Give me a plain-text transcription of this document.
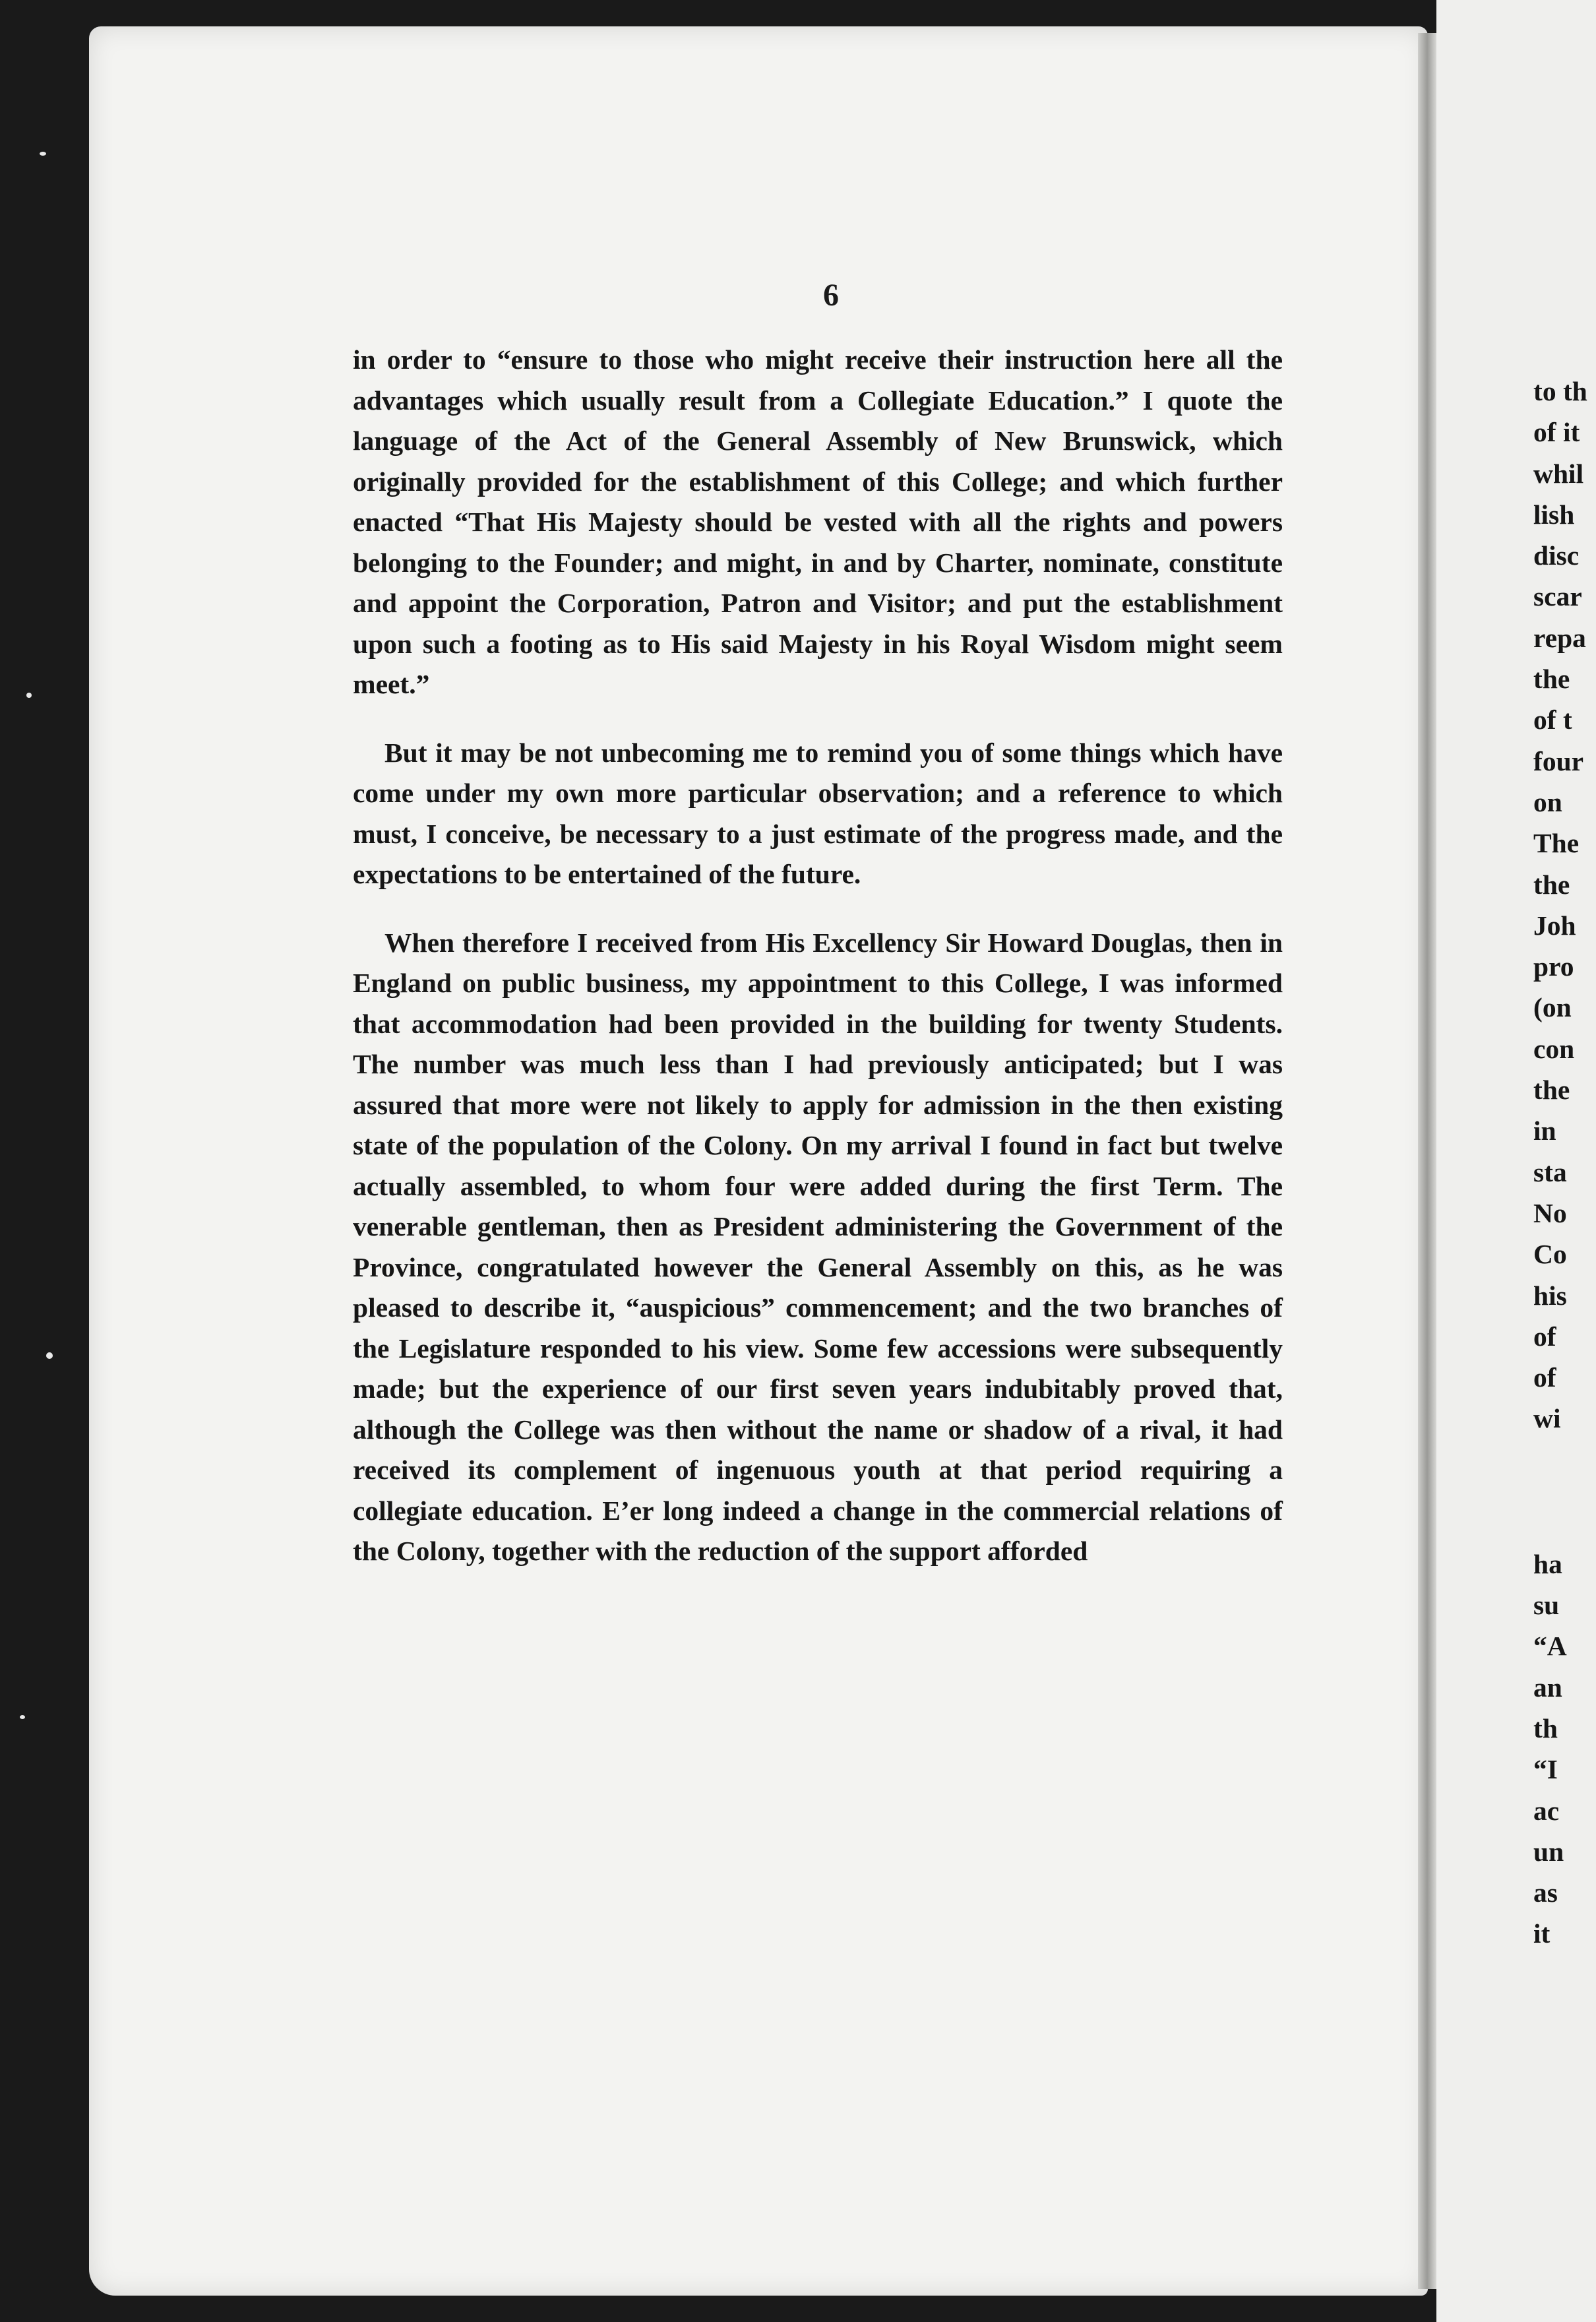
6

in order to “ensure to those who might receive their instruction here all the advantages which usually result from a Collegiate Education.” I quote the language of the Act of the General Assembly of New Brunswick, which originally provided for the establishment of this College; and which further enacted “That His Majesty should be vested with all the rights and powers belonging to the Founder; and might, in and by Charter, nominate, constitute and appoint the Corporation, Patron and Visitor; and put the establishment upon such a footing as to His said Majesty in his Royal Wisdom might seem meet.”

But it may be not unbecoming me to remind you of some things which have come under my own more particular observation; and a reference to which must, I conceive, be necessary to a just estimate of the progress made, and the expectations to be entertained of the future.

When therefore I received from His Excellency Sir Howard Douglas, then in England on public business, my appointment to this College, I was informed that accommodation had been provided in the building for twenty Students. The number was much less than I had previously anticipated; but I was assured that more were not likely to apply for admission in the then existing state of the population of the Colony. On my arrival I found in fact but twelve actually assembled, to whom four were added during the first Term. The venerable gentleman, then as President administering the Government of the Province, congratulated however the General Assembly on this, as he was pleased to describe it, “auspicious” commencement; and the two branches of the Legislature responded to his view. Some few accessions were subsequently made; but the experience of our first seven years indubitably proved that, although the College was then without the name or shadow of a rival, it had received its complement of ingenuous youth at that period requiring a collegiate education. E’er long indeed a change in the commercial relations of the Colony, together with the reduction of the support afforded

to th
of it
whil
lish
disc
scar
repa
the
of t
four
on
The
the
Joh
pro
(on
con
the
in
sta
No
Co
his
of
of
wi
ha
su
“A
an
th
“I
ac
un
as
it
